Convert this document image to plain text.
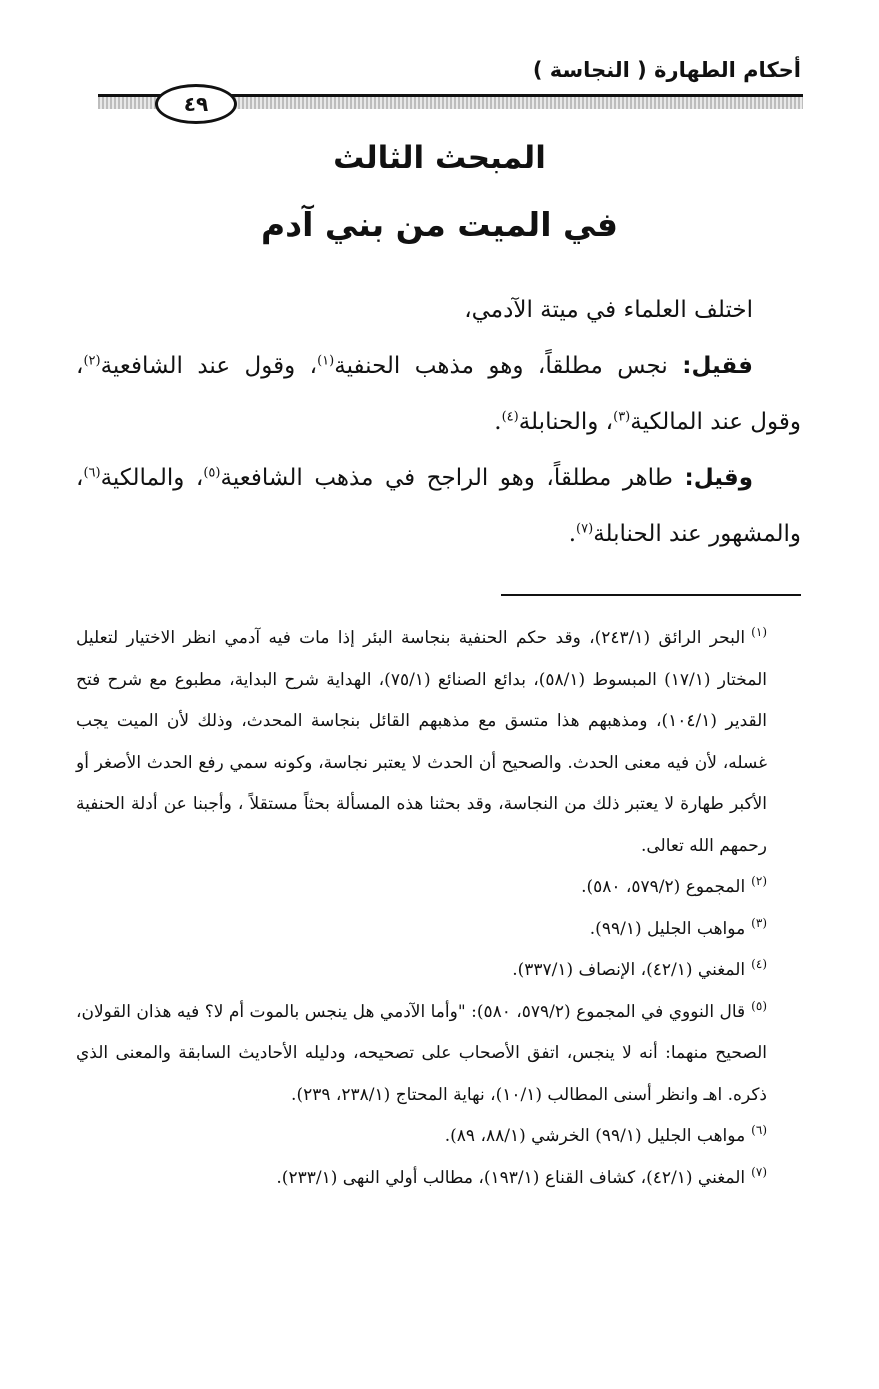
أحكام الطهارة ( النجاسة )
٤٩
المبحث الثالث
في الميت من بني آدم

اختلف العلماء في ميتة الآدمي،

فقيل: نجس مطلقاً، وهو مذهب الحنفية$^{(١)}$، وقول عند الشافعية$^{(٢)}$، وقول عند المالكية$^{(٣)}$، والحنابلة$^{(٤)}$.

وقيل: طاهر مطلقاً، وهو الراجح في مذهب الشافعية$^{(٥)}$، والمالكية$^{(٦)}$، والمشهور عند الحنابلة$^{(٧)}$.

$^{(١)}$البحر الرائق (٢٤٣/١)، وقد حكم الحنفية بنجاسة البئر إذا مات فيه آدمي انظر الاختيار لتعليل المختار (١٧/١) المبسوط (٥٨/١)، بدائع الصنائع (٧٥/١)، الهداية شرح البداية، مطبوع مع شرح فتح القدير (١٠٤/١)، ومذهبهم هذا متسق مع مذهبهم القائل بنجاسة المحدث، وذلك لأن الميت يجب غسله، لأن فيه معنى الحدث. والصحيح أن الحدث لا يعتبر نجاسة، وكونه سمي رفع الحدث الأصغر أو الأكبر طهارة لا يعتبر ذلك من النجاسة، وقد بحثنا هذه المسألة بحثاً مستقلاً ، وأجبنا عن أدلة الحنفية رحمهم الله تعالى.

$^{(٢)}$المجموع (٥٧٩/٢، ٥٨٠).

$^{(٣)}$مواهب الجليل (٩٩/١).

$^{(٤)}$المغني (٤٢/١)، الإنصاف (٣٣٧/١).

$^{(٥)}$قال النووي في المجموع (٥٧٩/٢، ٥٨٠): "وأما الآدمي هل ينجس بالموت أم لا؟ فيه هذان القولان، الصحيح منهما: أنه لا ينجس، اتفق الأصحاب على تصحيحه، ودليله الأحاديث السابقة والمعنى الذي ذكره. اهـ وانظر أسنى المطالب (١٠/١)، نهاية المحتاج (٢٣٨/١، ٢٣٩).

$^{(٦)}$مواهب الجليل (٩٩/١) الخرشي (٨٨/١، ٨٩).

$^{(٧)}$المغني (٤٢/١)، كشاف القناع (١٩٣/١)، مطالب أولي النهى (٢٣٣/١).
